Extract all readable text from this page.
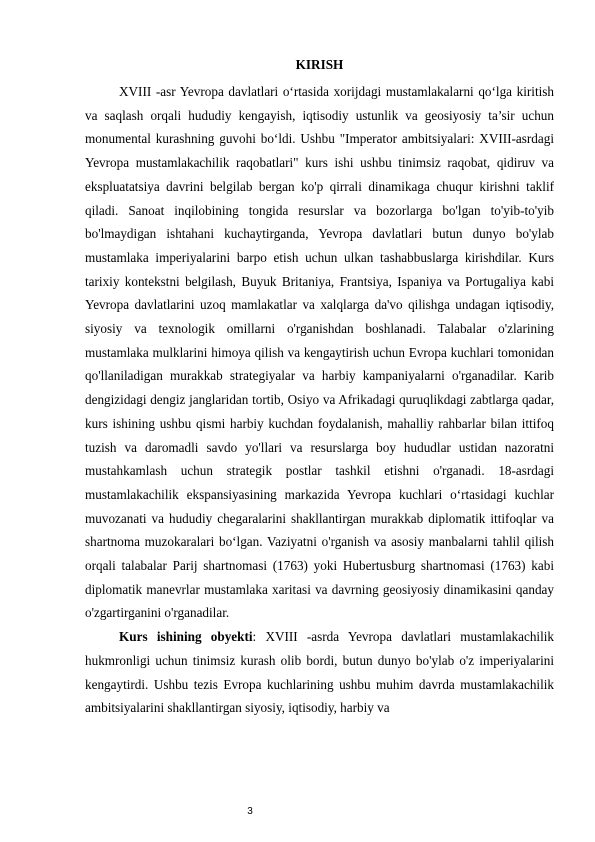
KIRISH

XVIII -asr Yevropa davlatlari o‘rtasida xorijdagi mustamlakalarni qo‘lga kiritish va saqlash orqali hududiy kengayish, iqtisodiy ustunlik va geosiyosiy ta’sir uchun monumental kurashning guvohi bo‘ldi. Ushbu "Imperator ambitsiyalari: XVIII-asrdagi Yevropa mustamlakachilik raqobatlari" kurs ishi ushbu tinimsiz raqobat, qidiruv va ekspluatatsiya davrini belgilab bergan ko'p qirrali dinamikaga chuqur kirishni taklif qiladi. Sanoat inqilobining tongida resurslar va bozorlarga bo'lgan to'yib-to'yib bo'lmaydigan ishtahani kuchaytirganda, Yevropa davlatlari butun dunyo bo'ylab mustamlaka imperiyalarini barpo etish uchun ulkan tashabbuslarga kirishdilar. Kurs tarixiy kontekstni belgilash, Buyuk Britaniya, Frantsiya, Ispaniya va Portugaliya kabi Yevropa davlatlarini uzoq mamlakatlar va xalqlarga da'vo qilishga undagan iqtisodiy, siyosiy va texnologik omillarni o'rganishdan boshlanadi. Talabalar o'zlarining mustamlaka mulklarini himoya qilish va kengaytirish uchun Evropa kuchlari tomonidan qo'llaniladigan murakkab strategiyalar va harbiy kampaniyalarni o'rganadilar. Karib dengizidagi dengiz janglaridan tortib, Osiyo va Afrikadagi quruqlikdagi zabtlarga qadar, kurs ishining ushbu qismi harbiy kuchdan foydalanish, mahalliy rahbarlar bilan ittifoq tuzish va daromadli savdo yo'llari va resurslarga boy hududlar ustidan nazoratni mustahkamlash uchun strategik postlar tashkil etishni o'rganadi. 18-asrdagi mustamlakachilik ekspansiyasining markazida Yevropa kuchlari o‘rtasidagi kuchlar muvozanati va hududiy chegaralarini shakllantirgan murakkab diplomatik ittifoqlar va shartnoma muzokaralari bo‘lgan. Vaziyatni o'rganish va asosiy manbalarni tahlil qilish orqali talabalar Parij shartnomasi (1763) yoki Hubertusburg shartnomasi (1763) kabi diplomatik manevrlar mustamlaka xaritasi va davrning geosiyosiy dinamikasini qanday o'zgartirganini o'rganadilar.

Kurs ishining obyekti: XVIII -asrda Yevropa davlatlari mustamlakachilik hukmronligi uchun tinimsiz kurash olib bordi, butun dunyo bo'ylab o'z imperiyalarini kengaytirdi. Ushbu tezis Evropa kuchlarining ushbu muhim davrda mustamlakachilik ambitsiyalarini shakllantirgan siyosiy, iqtisodiy, harbiy va

3
